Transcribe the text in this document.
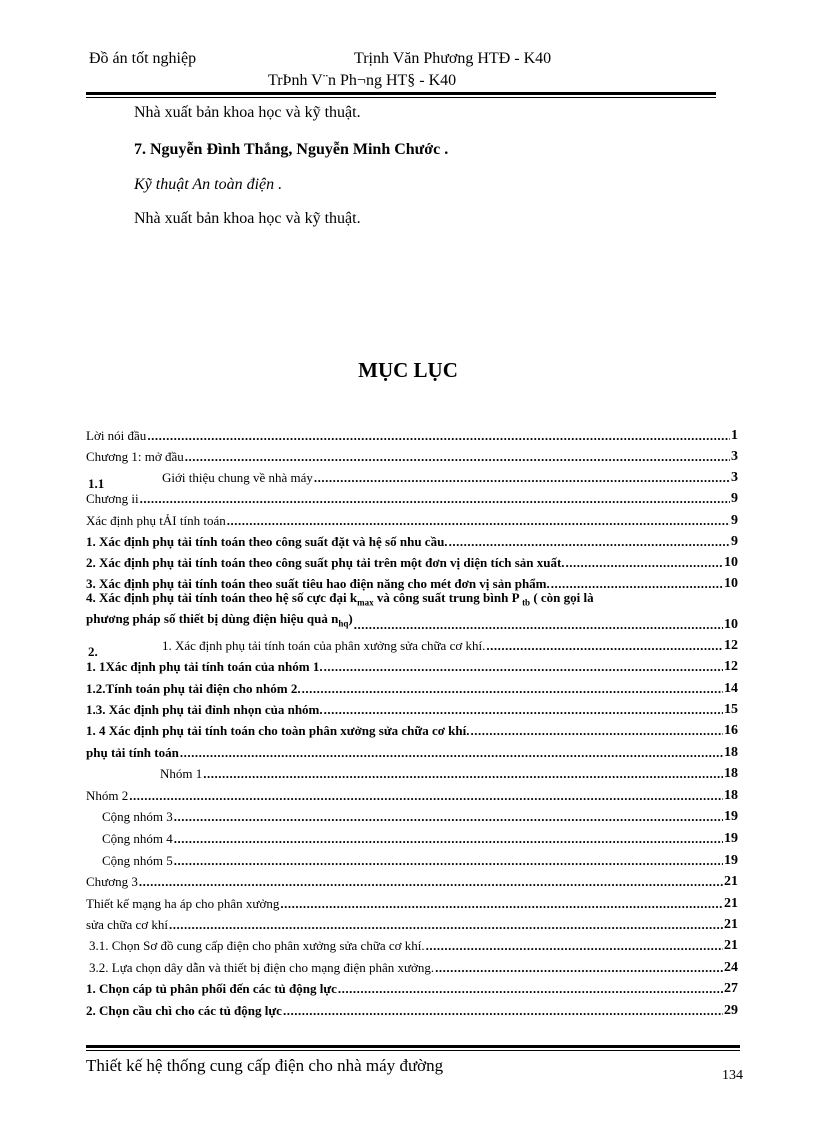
Đồ án tốt nghiệp	Trịnh Văn Phương HTĐ - K40
TrÞnh V¨n Ph¬ng HT§ - K40
Nhà xuất bản khoa học và kỹ thuật.
7. Nguyễn Đình Thắng, Nguyễn Minh Chước .
Kỹ thuật An toàn điện .
Nhà xuất bản khoa học và kỹ thuật.
MỤC LỤC
Lời nói đầu .....	1
Chương 1: mở đầu .....	3
1.1	Giới thiệu chung về nhà máy .....	3
Chương ii .....	9
Xác định phụ tẢI tính toán .....	9
1. Xác định phụ tải tính toán theo công suất đặt và hệ số nhu cầu. .....	9
2. Xác định phụ tải tính toán theo công suất phụ tải trên một đơn vị diện tích sản xuất. .....	10
3. Xác định phụ tải tính toán theo suất tiêu hao điện năng cho mét đơn vị sản phẩm. .....	10
4. Xác định phụ tải tính toán theo hệ số cực đại $k_{max}$ và công suất trung bình P $_{tb}$ ( còn gọi là
phương pháp số thiết bị dùng điện hiệu quả $n_{hq}$) .....	10
2.	1. Xác định phụ tải tính toán của phân xưởng sửa chữa cơ khí. .....	12
1. 1Xác định phụ tải tính toán của nhóm 1. .....	12
1.2.Tính toán phụ tải điện cho nhóm 2. .....	14
1.3. Xác định phụ tải đỉnh nhọn của nhóm. .....	15
1. 4 Xác định phụ tải tính toán cho toàn phân xưởng sửa chữa cơ khí. .....	16
phụ tải tính toán .....	18
Nhóm 1 .....	18
Nhóm 2 .....	18
Cộng nhóm 3 .....	19
Cộng nhóm 4 .....	19
Cộng nhóm 5 .....	19
Chương 3 .....	21
Thiết kế mạng ha áp cho phân xưởng .....	21
sửa chữa cơ khí .....	21
3.1. Chọn Sơ đồ cung cấp điện cho phân xưởng sửa chữa cơ khí. .....	21
3.2. Lựa chọn dây dẫn và thiết bị điện cho mạng điện phân xưởng. .....	24
1. Chọn cáp tủ phân phối đến các tủ động lực .....	27
2. Chọn cầu chì cho các tủ động lực .....	29
Thiết kế hệ thống cung cấp điện cho nhà máy đường
134
